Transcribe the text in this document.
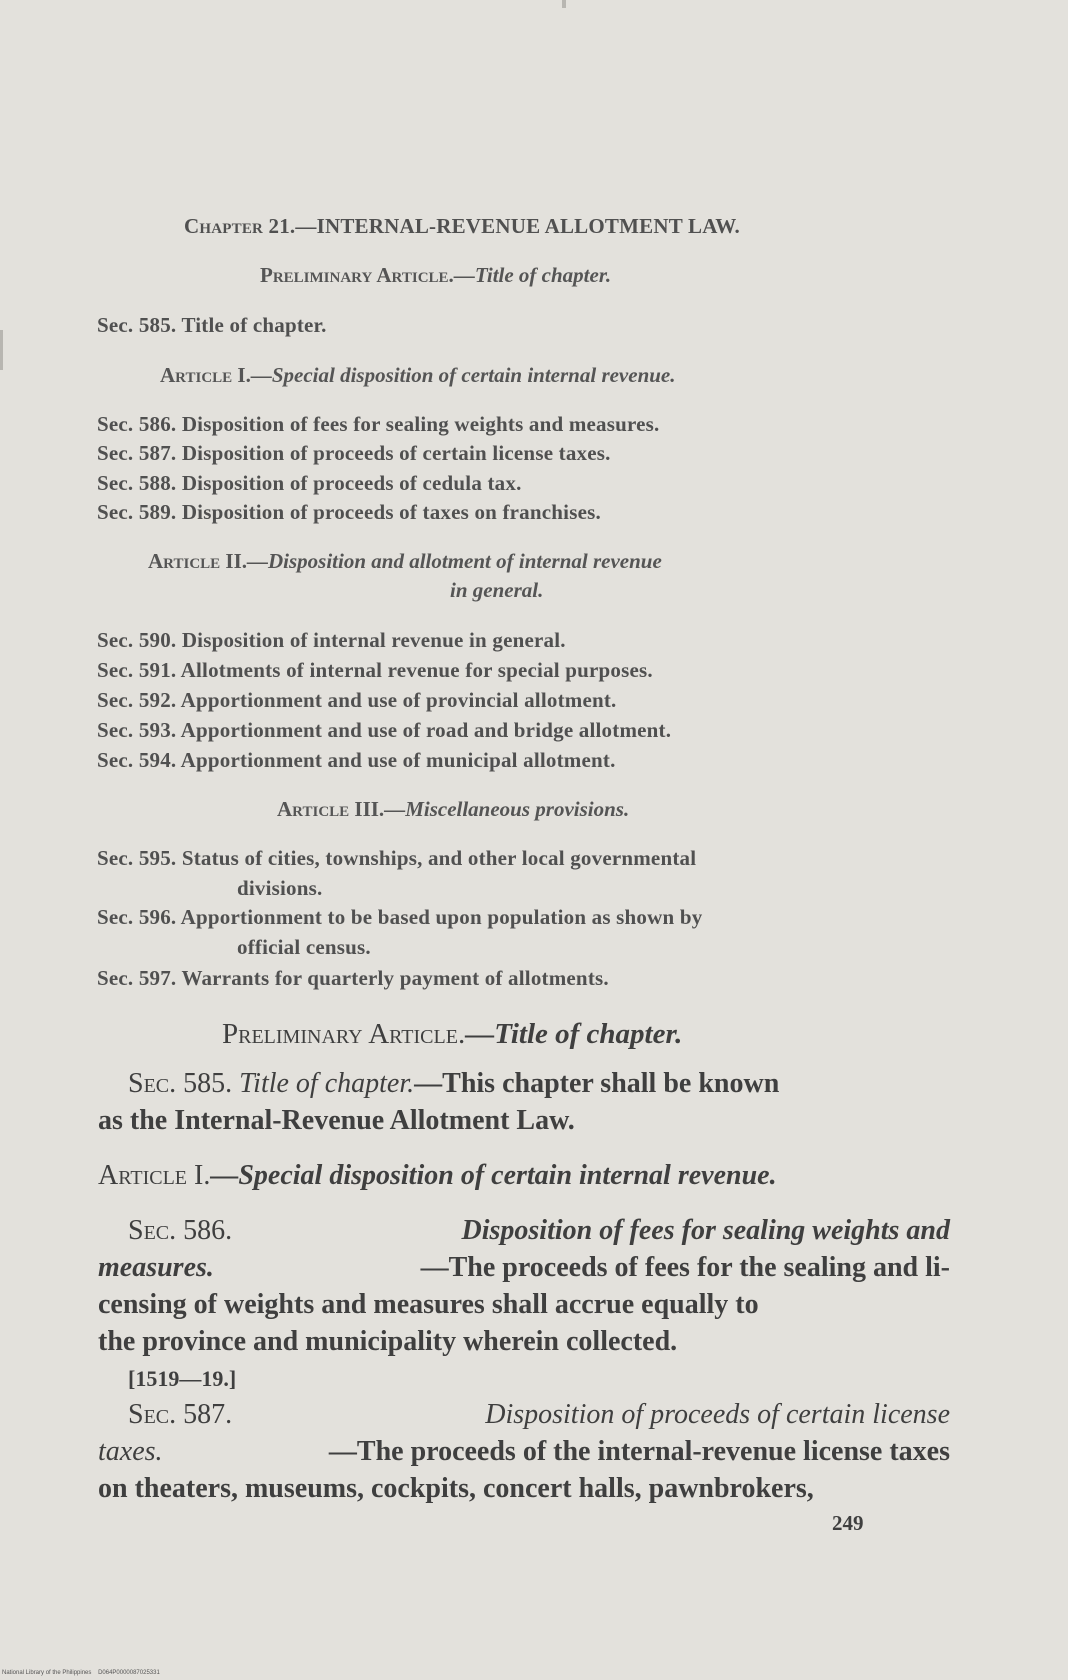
Chapter 21.—INTERNAL-REVENUE ALLOTMENT LAW.
Preliminary Article.—Title of chapter.
Sec. 585. Title of chapter.
Article I.—Special disposition of certain internal revenue.
Sec. 586. Disposition of fees for sealing weights and measures.
Sec. 587. Disposition of proceeds of certain license taxes.
Sec. 588. Disposition of proceeds of cedula tax.
Sec. 589. Disposition of proceeds of taxes on franchises.
Article II.—Disposition and allotment of internal revenue
in general.
Sec. 590. Disposition of internal revenue in general.
Sec. 591. Allotments of internal revenue for special purposes.
Sec. 592. Apportionment and use of provincial allotment.
Sec. 593. Apportionment and use of road and bridge allotment.
Sec. 594. Apportionment and use of municipal allotment.
Article III.—Miscellaneous provisions.
Sec. 595. Status of cities, townships, and other local governmental
divisions.
Sec. 596. Apportionment to be based upon population as shown by
official census.
Sec. 597. Warrants for quarterly payment of allotments.
Preliminary Article.—Title of chapter.
Sec. 585. Title of chapter.—This chapter shall be known
as the Internal-Revenue Allotment Law.
Article I.—Special disposition of certain internal revenue.
Sec. 586.	Disposition of fees for sealing weights and
measures.	—The proceeds of fees for the sealing and li-
censing of weights and measures shall accrue equally to
the province and municipality wherein collected.
[1519—19.]
Sec. 587.	Disposition of proceeds of certain license
taxes.	—The proceeds of the internal-revenue license taxes
on theaters, museums, cockpits, concert halls, pawnbrokers,
249
National Library of the Philippines D064P0000087025331
